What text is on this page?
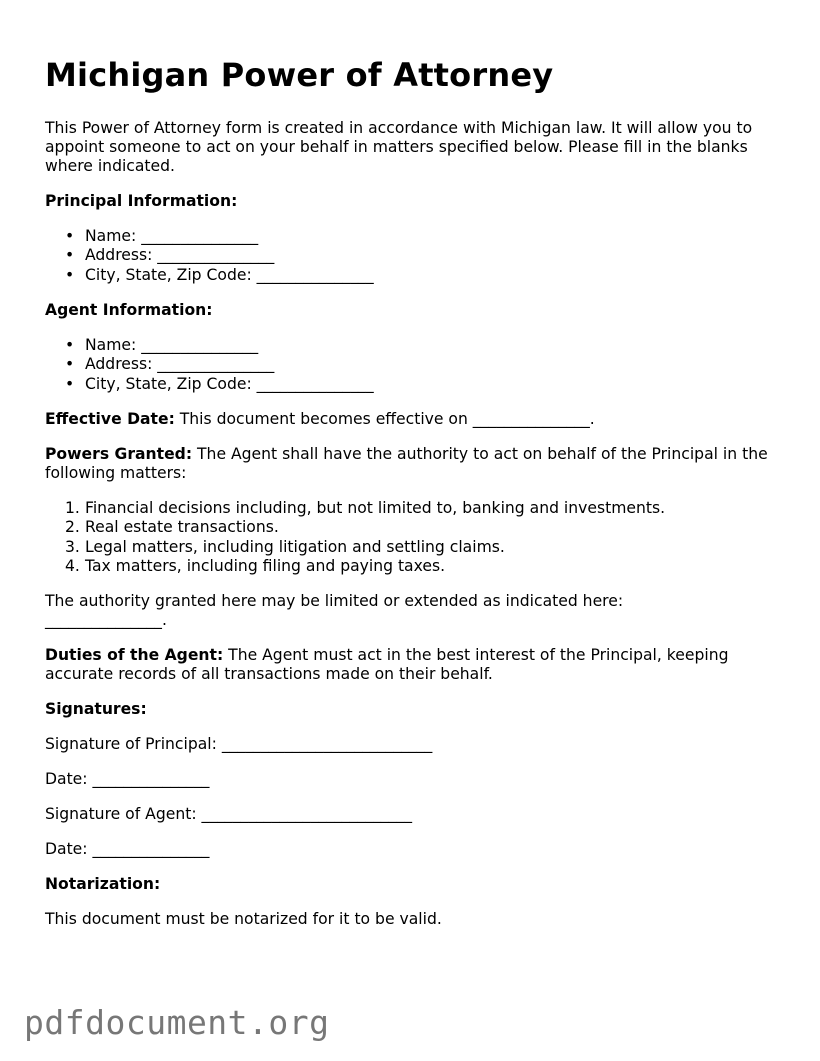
Michigan Power of Attorney

This Power of Attorney form is created in accordance with Michigan law. It will allow you to appoint someone to act on your behalf in matters specified below. Please fill in the blanks where indicated.

Principal Information:
• Name: _______________
• Address: _______________
• City, State, Zip Code: _______________
Agent Information:
• Name: _______________
• Address: _______________
• City, State, Zip Code: _______________

Effective Date: This document becomes effective on _______________.

Powers Granted: The Agent shall have the authority to act on behalf of the Principal in the following matters:

1. Financial decisions including, but not limited to, banking and investments.
2. Real estate transactions.
3. Legal matters, including litigation and settling claims.
4. Tax matters, including filing and paying taxes.

The authority granted here may be limited or extended as indicated here:

_______________.

Duties of the Agent: The Agent must act in the best interest of the Principal, keeping accurate records of all transactions made on their behalf.

Signatures:

Signature of Principal: ___________________________

Date: _______________

Signature of Agent: ___________________________

Date: _______________

Notarization:

This document must be notarized for it to be valid.

pdfdocument.org
